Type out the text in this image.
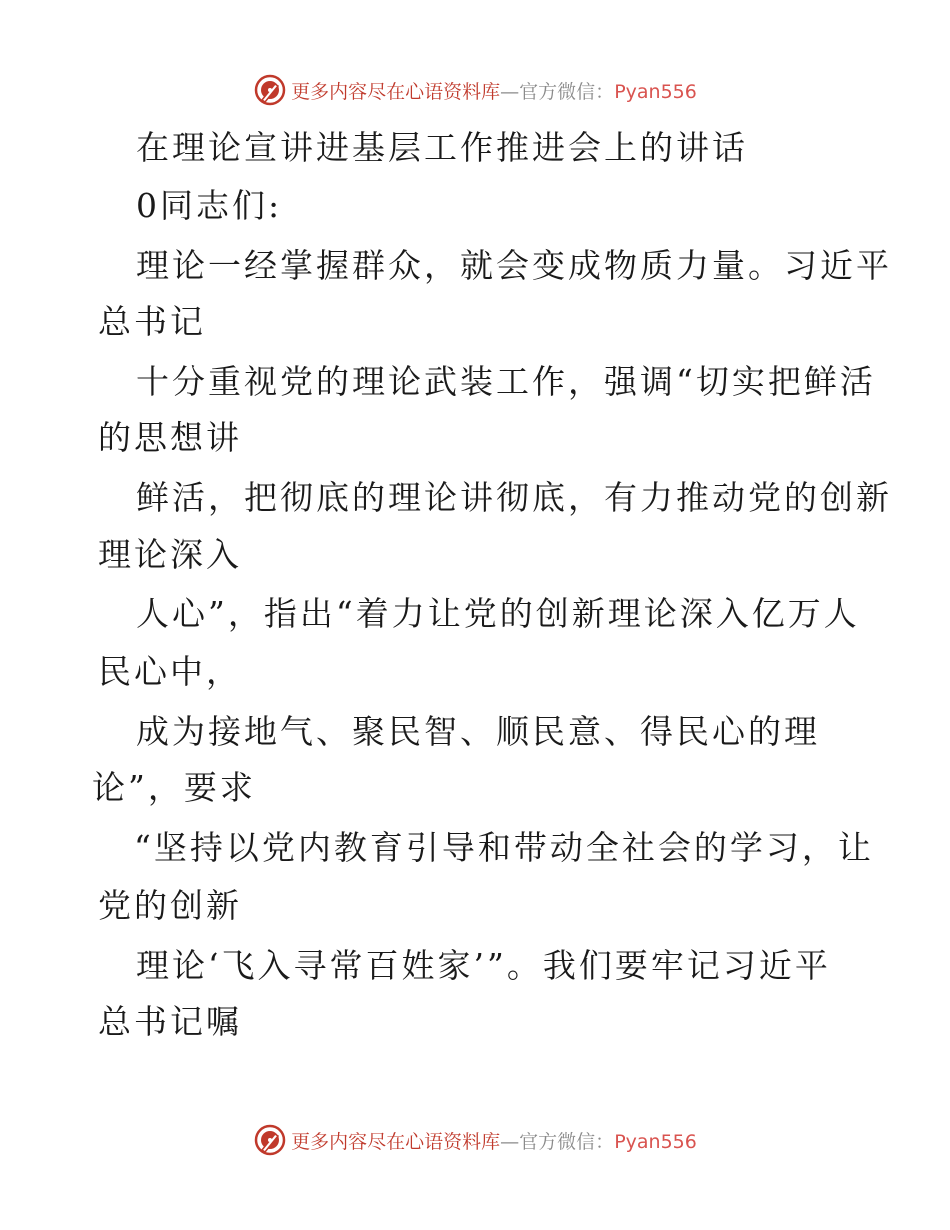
更多内容尽在心语资料库—官方微信：Pyan556
在理论宣讲进基层工作推进会上的讲话
0同志们:
理论一经掌握群众，就会变成物质力量。习近平
总书记
十分重视党的理论武装工作，强调“切实把鲜活
的思想讲
鲜活，把彻底的理论讲彻底，有力推动党的创新
理论深入
人心”，指出“着力让党的创新理论深入亿万人
民心中，
成为接地气、聚民智、顺民意、得民心的理
论”，要求
“坚持以党内教育引导和带动全社会的学习，让
党的创新
理论‘飞入寻常百姓家’”。我们要牢记习近平
总书记嘱
更多内容尽在心语资料库—官方微信：Pyan556
